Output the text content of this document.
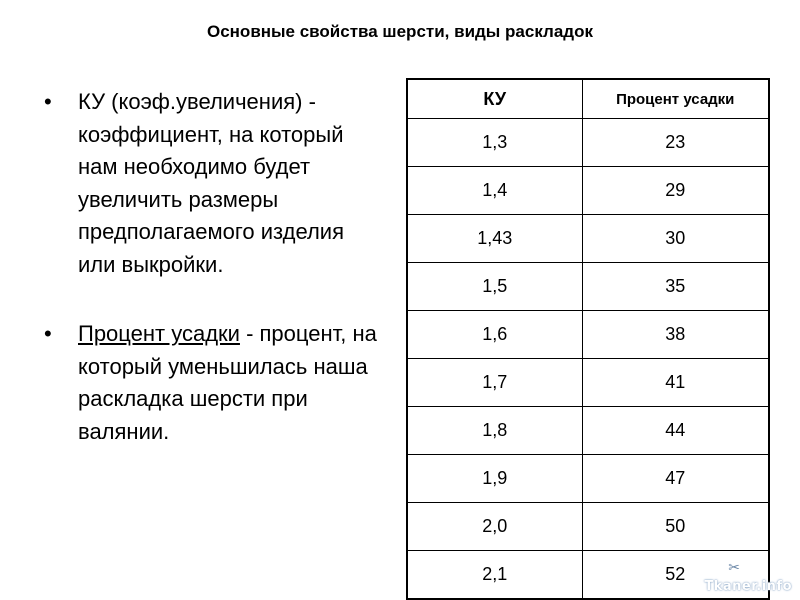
Основные свойства шерсти, виды раскладок
• КУ (коэф.увеличения) - коэффициент, на который нам необходимо будет увеличить размеры предполагаемого изделия или выкройки.
• Процент усадки - процент, на который уменьшилась наша раскладка шерсти при валянии.
КУ	Процент усадки
1,3	23
1,4	29
1,43	30
1,5	35
1,6	38
1,7	41
1,8	44
1,9	47
2,0	50
2,1	52	✂
Tkaner.info
